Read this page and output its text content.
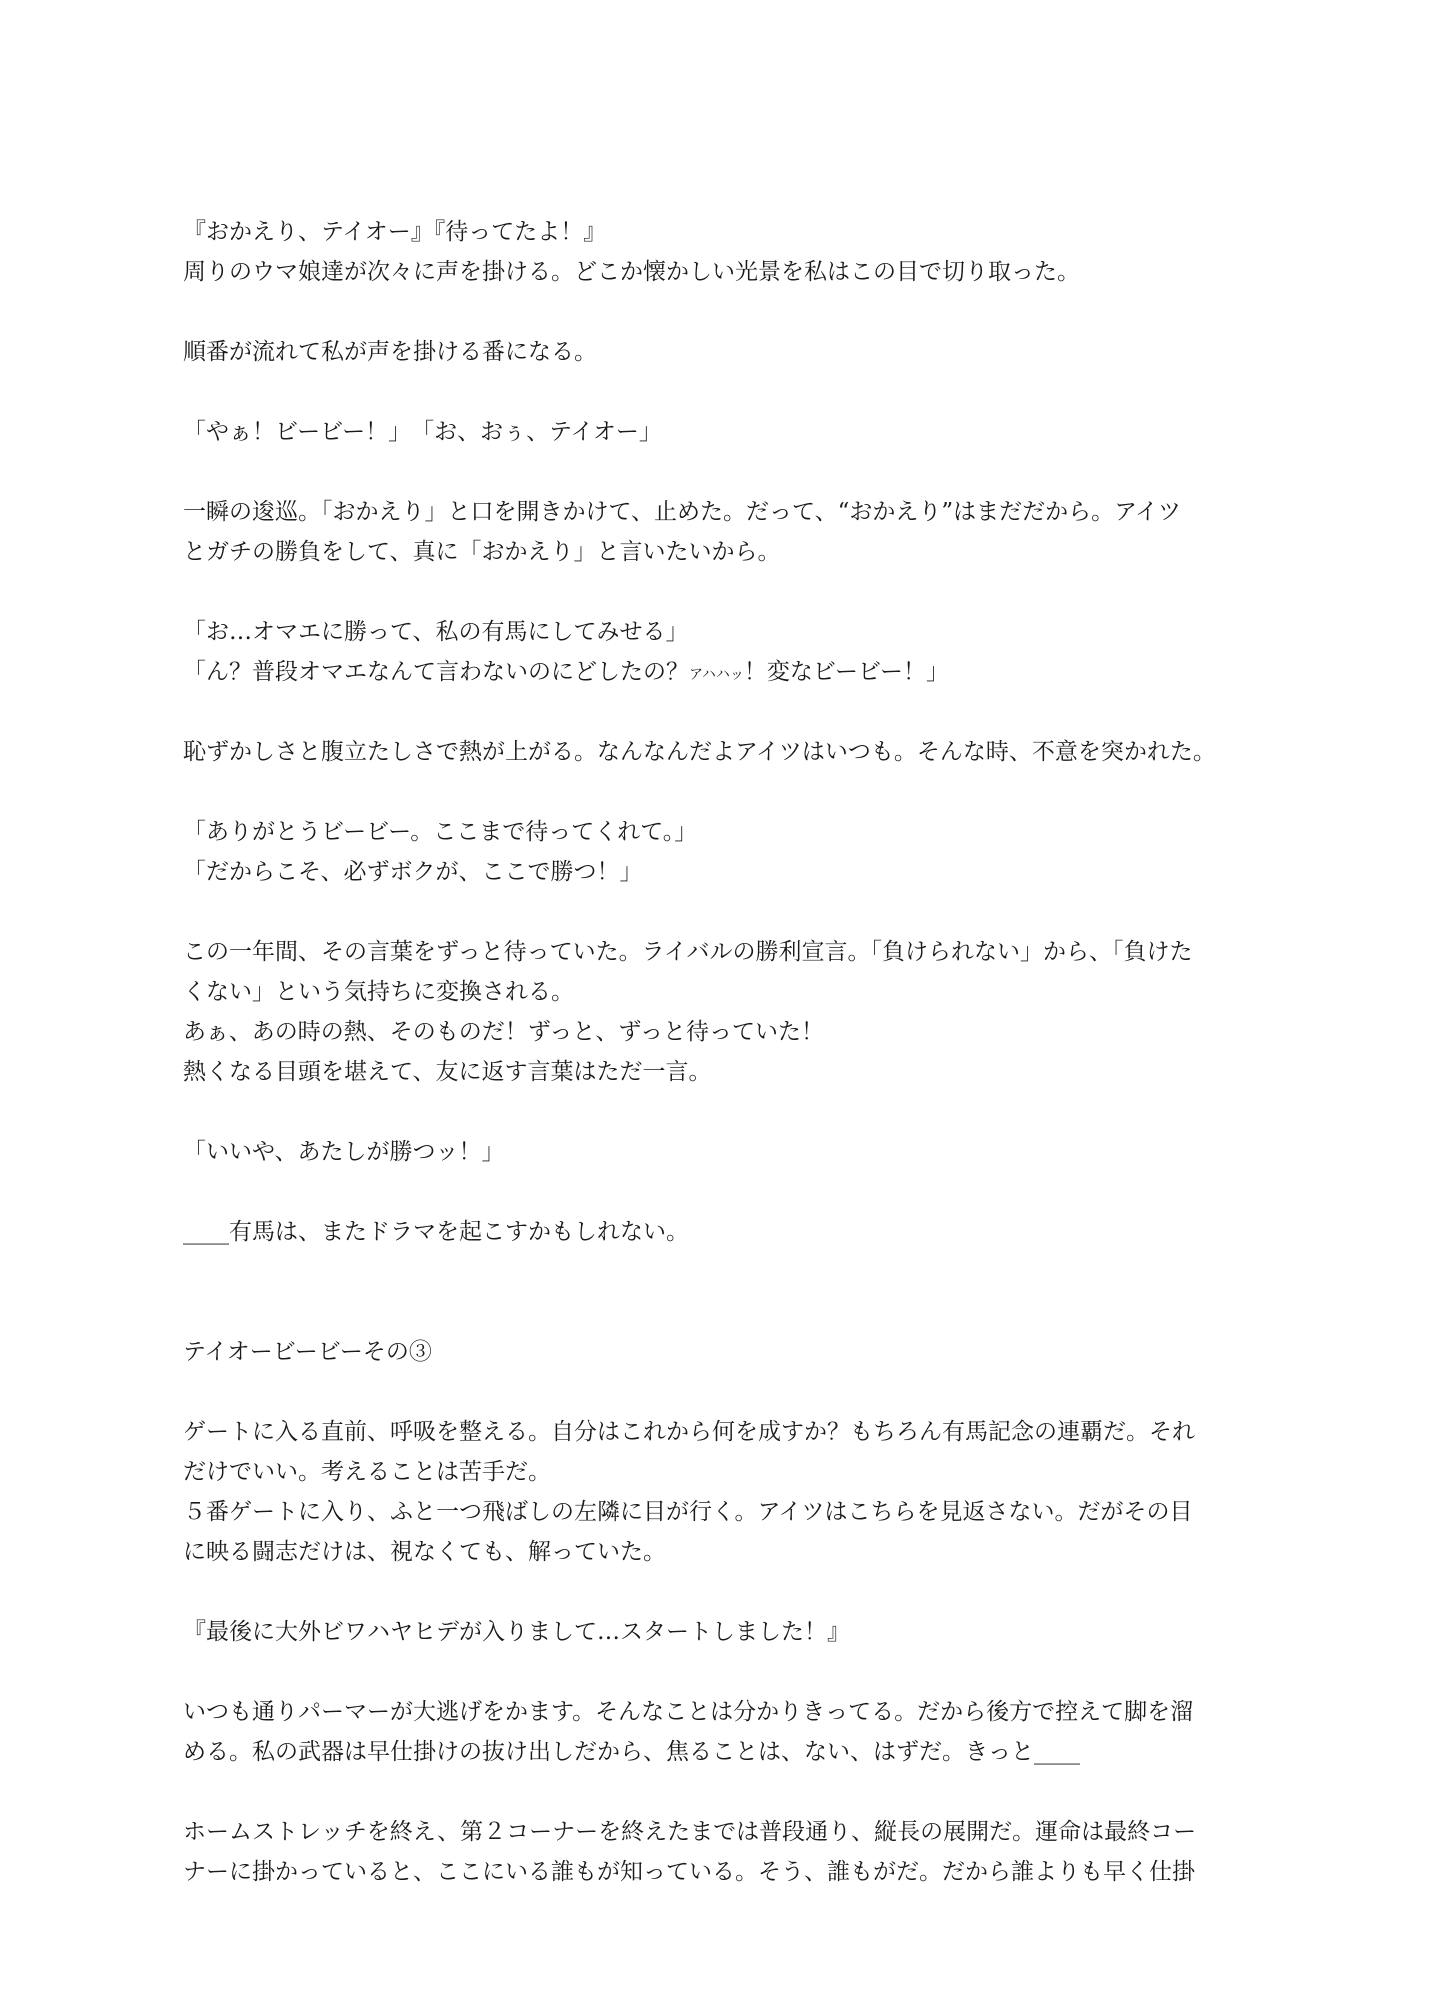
『おかえり、テイオー』『待ってたよ！』
周りのウマ娘達が次々に声を掛ける。どこか懐かしい光景を私はこの目で切り取った。
順番が流れて私が声を掛ける番になる。
「やぁ！ビービー！」　「お、おぅ、テイオー」
一瞬の逡巡。「おかえり」と口を開きかけて、止めた。だって、“おかえり”はまだだから。アイツ
とガチの勝負をして、真に「おかえり」と言いたいから。
「お…オマエに勝って、私の有馬にしてみせる」
「ん？普段オマエなんて言わないのにどしたの？アハハッ！変なビービー！」
恥ずかしさと腹立たしさで熱が上がる。なんなんだよアイツはいつも。そんな時、不意を突かれた。
「ありがとうビービー。ここまで待ってくれて。」
「だからこそ、必ずボクが、ここで勝つ！」
この一年間、その言葉をずっと待っていた。ライバルの勝利宣言。「負けられない」から、「負けた
くない」という気持ちに変換される。
あぁ、あの時の熱、そのものだ！ずっと、ずっと待っていた！
熱くなる目頭を堪えて、友に返す言葉はただ一言。
「いいや、あたしが勝つッ！」
____有馬は、またドラマを起こすかもしれない。
テイオービービーその③
ゲートに入る直前、呼吸を整える。自分はこれから何を成すか？もちろん有馬記念の連覇だ。それ
だけでいい。考えることは苦手だ。
５番ゲートに入り、ふと一つ飛ばしの左隣に目が行く。アイツはこちらを見返さない。だがその目
に映る闘志だけは、視なくても、解っていた。
『最後に大外ビワハヤヒデが入りまして…スタートしました！』
いつも通りパーマーが大逃げをかます。そんなことは分かりきってる。だから後方で控えて脚を溜
める。私の武器は早仕掛けの抜け出しだから、焦ることは、ない、はずだ。きっと____
ホームストレッチを終え、第２コーナーを終えたまでは普段通り、縦長の展開だ。運命は最終コー
ナーに掛かっていると、ここにいる誰もが知っている。そう、誰もがだ。だから誰よりも早く仕掛
